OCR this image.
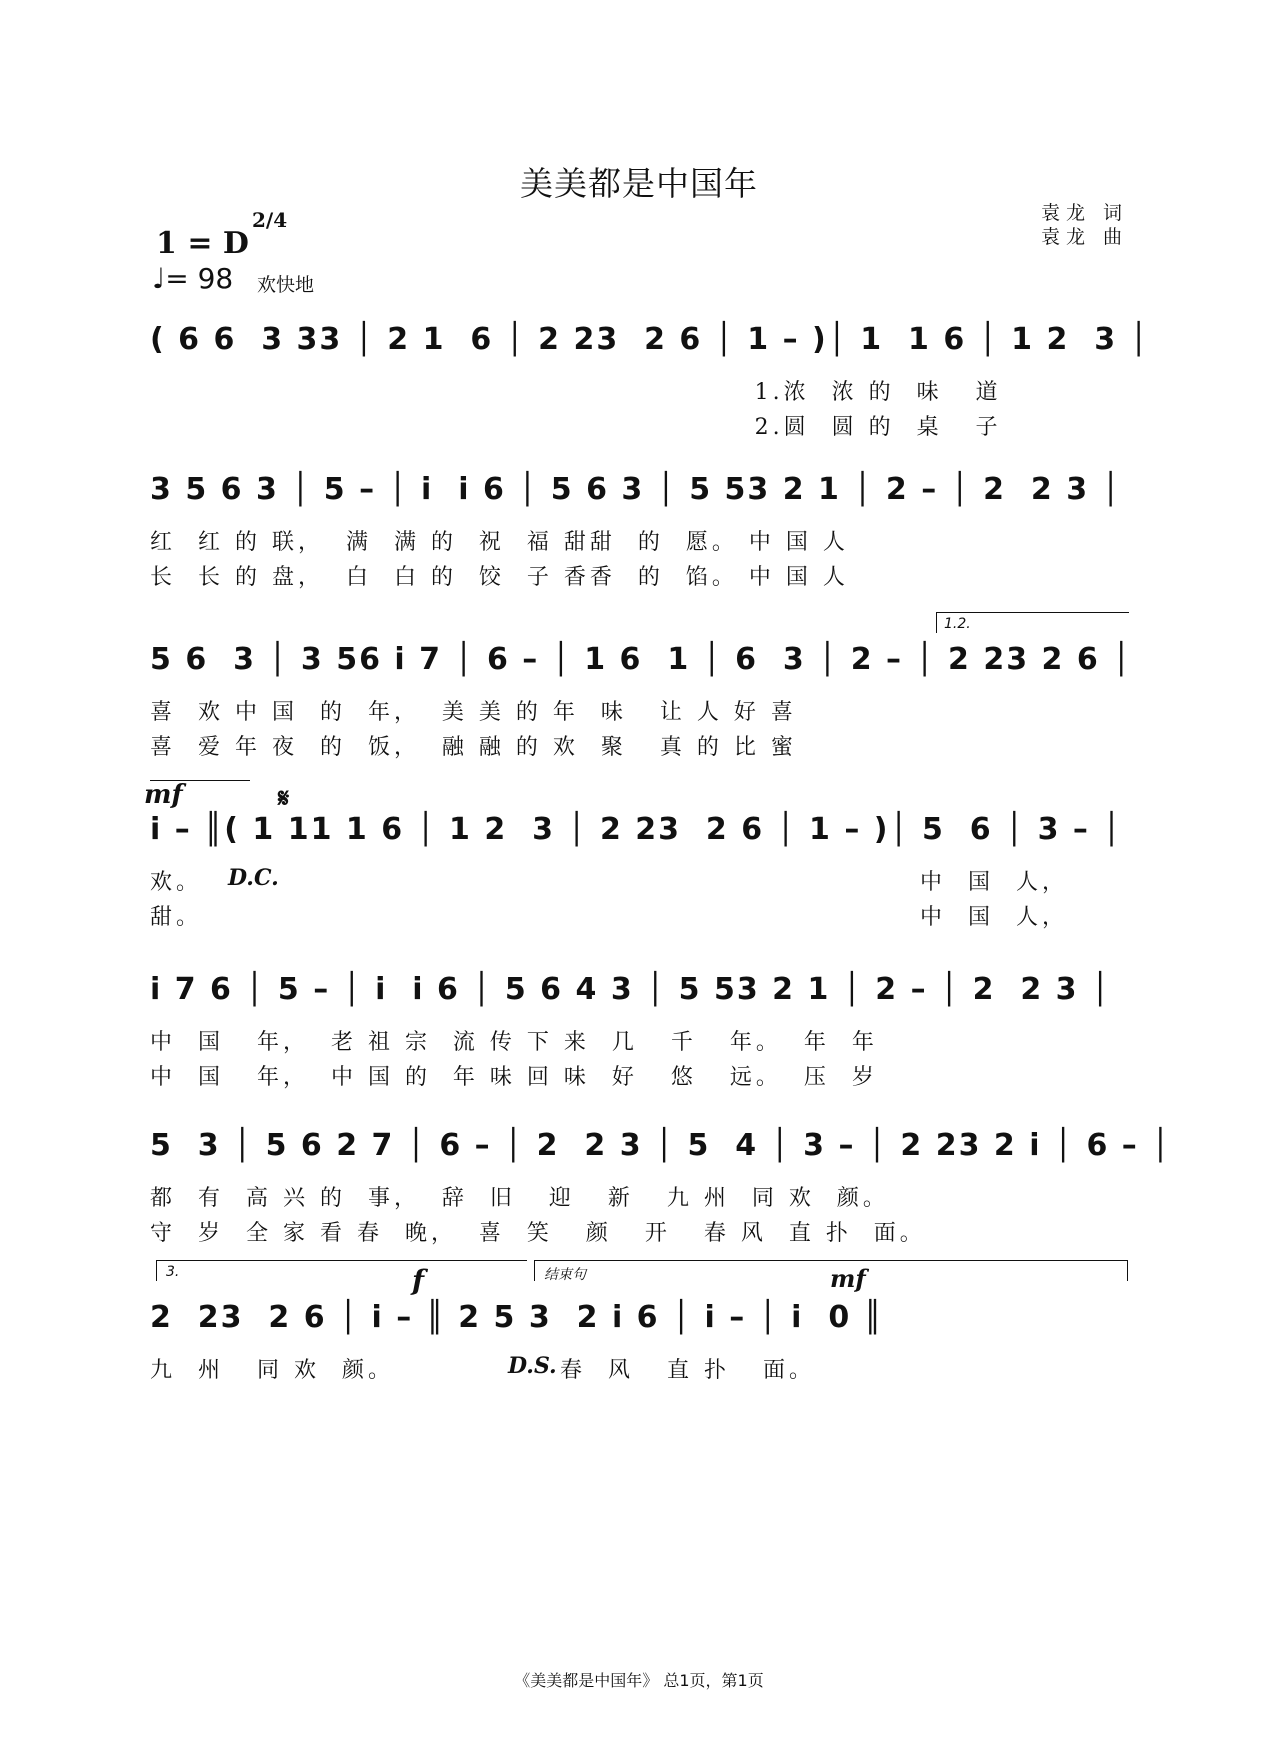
美美都是中国年
袁龙 词
袁龙 曲
1 = D
2/4
♩= 98 欢快地
( 6 6  3 33 │ 2 1  6 │ 2 23  2 6 │ 1 – )│ 1  1 6 │ 1 2  3 │
1.浓  浓 的  味   道
2.圆  圆 的  桌   子
3 5 6 3 │ 5 – │ i  i 6 │ 5 6 3 │ 5 53 2 1 │ 2 – │ 2  2 3 │
红  红 的 联，  满  满 的  祝  福 甜甜  的  愿。 中 国 人
长  长 的 盘，  白  白 的  饺  子 香香  的  馅。 中 国 人
1.2.
5 6  3 │ 3 56 i 7 │ 6 – │ 1 6  1 │ 6  3 │ 2 – │ 2 23 2 6 │
喜  欢 中 国  的  年，  美 美 的 年  味   让 人 好 喜
喜  爱 年 夜  的  饭，  融 融 的 欢  聚   真 的 比 蜜
mf	𝄋
i – ║( 1 11 1 6 │ 1 2  3 │ 2 23  2 6 │ 1 – )│ 5  6 │ 3 – │
欢。	D.C.	中  国  人，
甜。	中  国  人，
i 7 6 │ 5 – │ i  i 6 │ 5 6 4 3 │ 5 53 2 1 │ 2 – │ 2  2 3 │
中  国   年，  老 祖 宗  流 传 下 来  几   千   年。  年  年
中  国   年，  中 国 的  年 味 回 味  好   悠   远。  压  岁
5  3 │ 5 6 2 7 │ 6 – │ 2  2 3 │ 5  4 │ 3 – │ 2 23 2 i │ 6 – │
都  有  高 兴 的  事，  辞  旧   迎   新   九 州  同 欢  颜。
守  岁  全 家 看 春  晚，  喜  笑   颜   开   春 风  直 扑  面。
3.	结束句
f	mf
2  23  2 6 │ i – ║ 2 5 3  2 i 6 │ i – │ i  0 ║
九  州   同 欢  颜。	D.S. 春  风   直 扑   面。
《美美都是中国年》 总1页，第1页
